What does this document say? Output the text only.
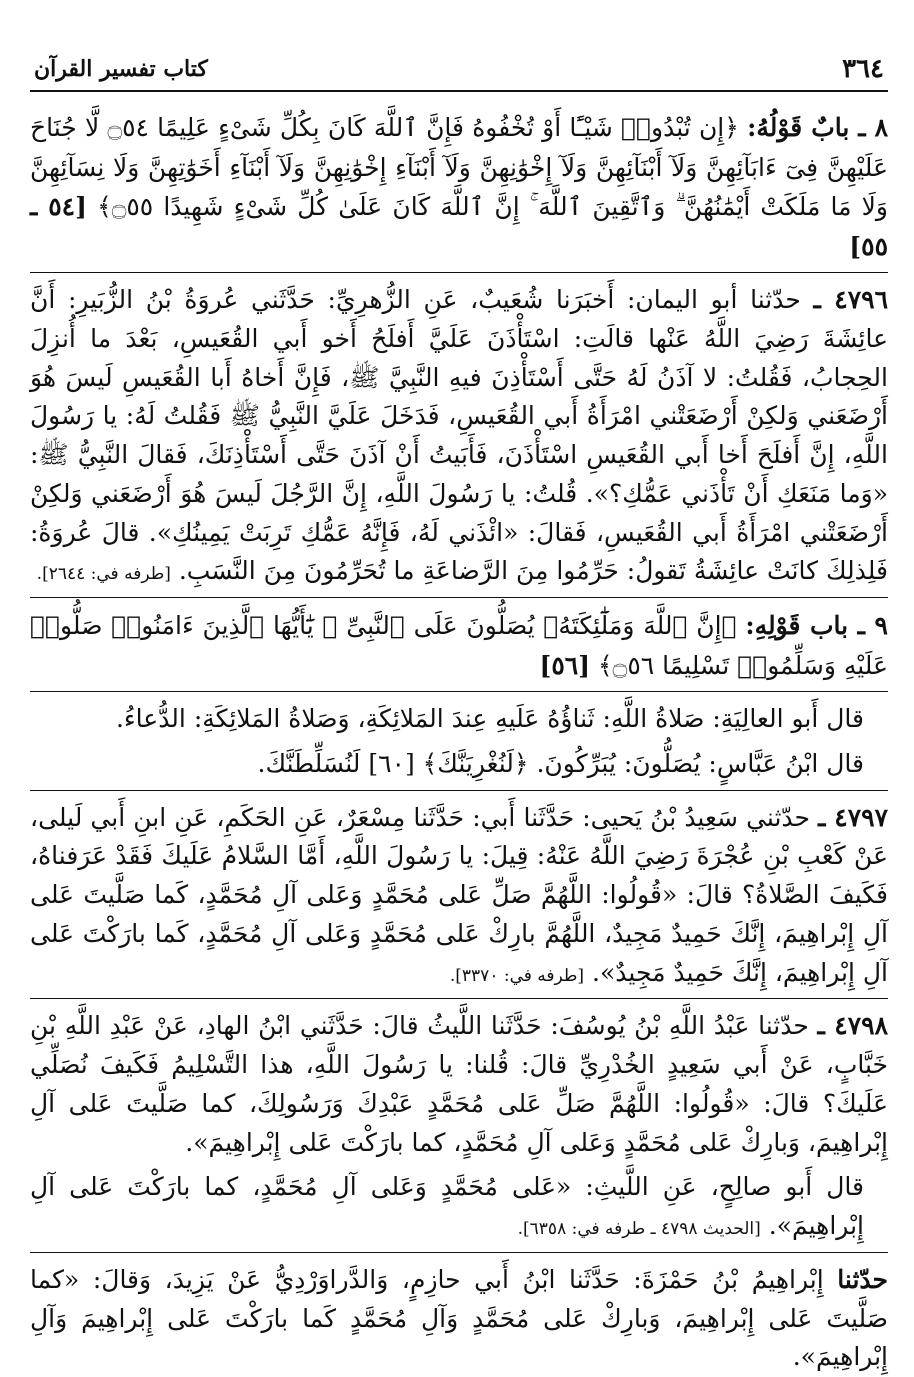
٣٦٤
كتاب تفسير القرآن

٨ ـ بابٌ قَوْلُهُ: ﴿إِن تُبْدُوا۟ شَيْـًٔا أَوْ تُخْفُوهُ فَإِنَّ ٱللَّهَ كَانَ بِكُلِّ شَىْءٍ عَلِيمًا ۝٥٤ لَّا جُنَاحَ عَلَيْهِنَّ فِىٓ ءَابَآئِهِنَّ وَلَآ أَبْنَآئِهِنَّ وَلَآ إِخْوَٰنِهِنَّ وَلَآ أَبْنَآءِ إِخْوَٰنِهِنَّ وَلَآ أَبْنَآءِ أَخَوَٰتِهِنَّ وَلَا نِسَآئِهِنَّ وَلَا مَا مَلَكَتْ أَيْمَٰنُهُنَّ ۗ وَٱتَّقِينَ ٱللَّهَ ۚ إِنَّ ٱللَّهَ كَانَ عَلَىٰ كُلِّ شَىْءٍ شَهِيدًا ۝٥٥﴾ [٥٤ ـ ٥٥]

٤٧٩٦ ـ حدّثنا أبو اليمان: أَخبَرَنا شُعَيبٌ، عَنِ الزُّهرِيِّ: حَدَّثَني عُروَةُ بْنُ الزُّبَيرِ: أَنَّ عائِشَةَ رَضِيَ اللَّهُ عَنْها قالَتِ: اسْتَأْذَنَ عَلَيَّ أَفلَحُ أَخو أَبي القُعَيسِ، بَعْدَ ما أُنزِلَ الحِجابُ، فَقُلتُ: لا آذَنُ لَهُ حَتَّى أَسْتَأْذِنَ فيهِ النَّبِيَّ ﷺ، فَإِنَّ أَخاهُ أَبا القُعَيسِ لَيسَ هُوَ أَرْضَعَني وَلكِنْ أَرْضَعَتْني امْرَأَةُ أَبي القُعَيسِ، فَدَخَلَ عَلَيَّ النَّبِيُّ ﷺ فَقُلتُ لَهُ: يا رَسُولَ اللَّهِ، إِنَّ أَفلَحَ أَخا أَبي القُعَيسِ اسْتَأْذَنَ، فَأَبَيتُ أَنْ آذَنَ حَتَّى أَسْتَأْذِنَكَ، فَقالَ النَّبِيُّ ﷺ: «وَما مَنَعَكِ أَنْ تَأْذَني عَمُّكِ؟». قُلتُ: يا رَسُولَ اللَّهِ، إِنَّ الرَّجُلَ لَيسَ هُوَ أَرْضَعَني وَلكِنْ أَرْضَعَتْني امْرَأَةُ أَبي القُعَيسِ، فَقالَ: «ائْذَني لَهُ، فَإِنَّهُ عَمُّكِ تَرِبَتْ يَمِينُكِ». قالَ عُروَةُ: فَلِذلِكَ كانَتْ عائِشَةُ تَقولُ: حَرِّمُوا مِنَ الرَّضاعَةِ ما تُحَرِّمُونَ مِنَ النَّسَبِ. [طرفه في: ٢٦٤٤].

٩ ـ باب قَوْلِهِ: ﴿إِنَّ ٱللَّهَ وَمَلَٰٓئِكَتَهُۥ يُصَلُّونَ عَلَى ٱلنَّبِىِّ ۚ يَٰٓأَيُّهَا ٱلَّذِينَ ءَامَنُوا۟ صَلُّوا۟ عَلَيْهِ وَسَلِّمُوا۟ تَسْلِيمًا ۝٥٦﴾ [٥٦]

قال أَبو العالِيَةِ: صَلاةُ اللَّهِ: ثَناؤُهُ عَلَيهِ عِندَ المَلائِكَةِ، وَصَلاةُ المَلائِكَةِ: الدُّعاءُ.

قال ابْنُ عَبَّاسٍ: يُصَلُّونَ: يُبَرِّكُونَ. ﴿لَنُغْرِيَنَّكَ﴾ [٦٠] لَنُسَلِّطَنَّكَ.

٤٧٩٧ ـ حدّثني سَعِيدُ بْنُ يَحيى: حَدَّثَنا أَبي: حَدَّثَنا مِسْعَرٌ، عَنِ الحَكَمِ، عَنِ ابنِ أَبي لَيلى، عَنْ كَعْبِ بْنِ عُجْرَةَ رَضِيَ اللَّهُ عَنْهُ: قِيلَ: يا رَسُولَ اللَّهِ، أَمَّا السَّلامُ عَلَيكَ فَقَدْ عَرَفناهُ، فَكَيفَ الصَّلاةُ؟ قالَ: «قُولُوا: اللَّهُمَّ صَلِّ عَلى مُحَمَّدٍ وَعَلى آلِ مُحَمَّدٍ، كَما صَلَّيتَ عَلى آلِ إِبْراهِيمَ، إِنَّكَ حَمِيدٌ مَجِيدٌ، اللَّهُمَّ بارِكْ عَلى مُحَمَّدٍ وَعَلى آلِ مُحَمَّدٍ، كَما بارَكْتَ عَلى آلِ إِبْراهِيمَ، إِنَّكَ حَمِيدٌ مَجِيدٌ». [طرفه في: ٣٣٧٠].

٤٧٩٨ ـ حدّثنا عَبْدُ اللَّهِ بْنُ يُوسُفَ: حَدَّثَنا اللَّيثُ قالَ: حَدَّثَني ابْنُ الهادِ، عَنْ عَبْدِ اللَّهِ بْنِ خَبَّابٍ، عَنْ أَبي سَعِيدٍ الخُدْرِيِّ قالَ: قُلنا: يا رَسُولَ اللَّهِ، هذا التَّسْلِيمُ فَكَيفَ نُصَلِّي عَلَيكَ؟ قالَ: «قُولُوا: اللَّهُمَّ صَلِّ عَلى مُحَمَّدٍ عَبْدِكَ وَرَسُولِكَ، كما صَلَّيتَ عَلى آلِ إِبْراهِيمَ، وَبارِكْ عَلى مُحَمَّدٍ وَعَلى آلِ مُحَمَّدٍ، كما بارَكْتَ عَلى إِبْراهِيمَ».

قال أَبو صالِحٍ، عَنِ اللَّيثِ: «عَلى مُحَمَّدٍ وَعَلى آلِ مُحَمَّدٍ، كما بارَكْتَ عَلى آلِ إِبْراهِيمَ». [الحديث ٤٧٩٨ ـ طرفه في: ٦٣٥٨].

حدّثنا إِبْراهِيمُ بْنُ حَمْزَةَ: حَدَّثَنا ابْنُ أَبي حازِمٍ، وَالدَّراوَرْدِيُّ عَنْ يَزِيدَ، وَقالَ: «كما صَلَّيتَ عَلى إِبْراهِيمَ، وَبارِكْ عَلى مُحَمَّدٍ وَآلِ مُحَمَّدٍ كَما بارَكْتَ عَلى إِبْراهِيمَ وَآلِ إِبْراهِيمَ».
